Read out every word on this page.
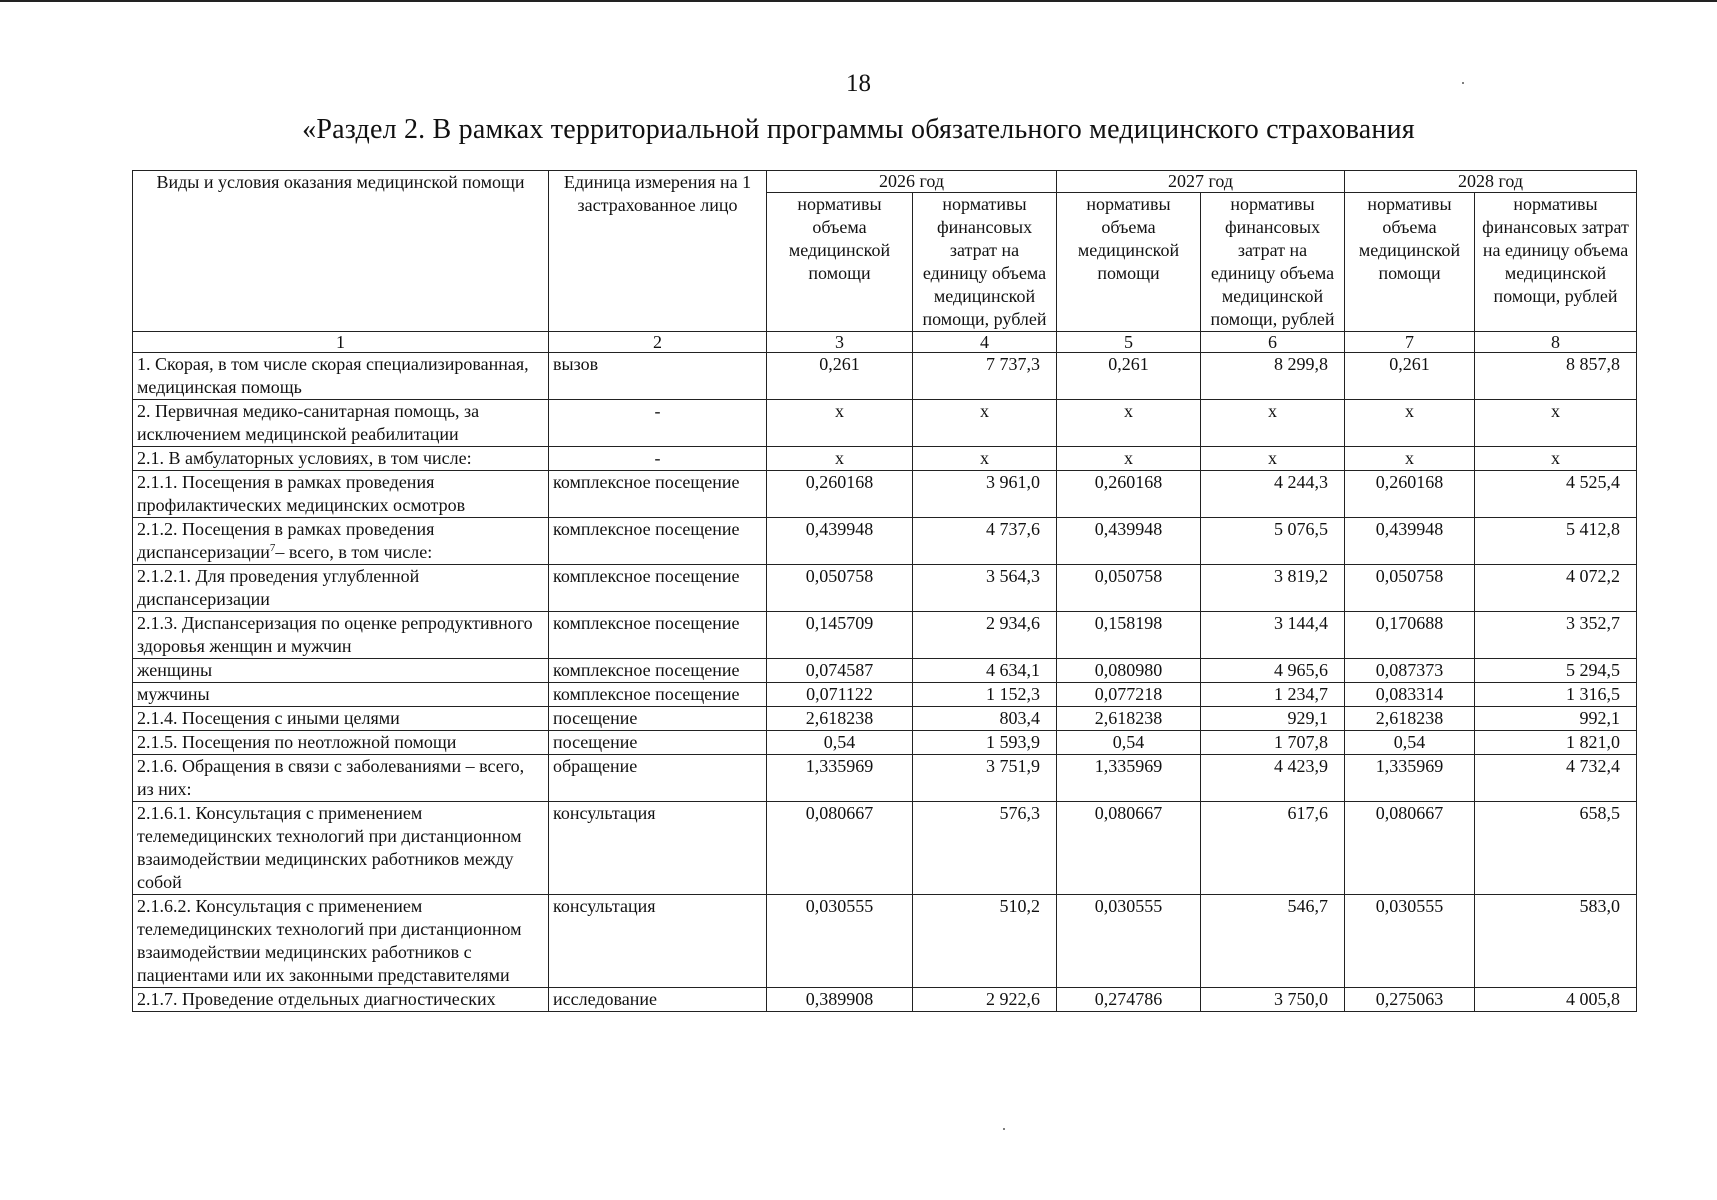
18
«Раздел 2. В рамках территориальной программы обязательного медицинского страхования
Виды и условия оказания медицинской помощи	Единица измерения на 1 застрахованное лицо	2026 год		2027 год		2028 год	
		нормативы объема медицинской помощи	нормативы финансовых затрат на единицу объема медицинской помощи, рублей	нормативы объема медицинской помощи	нормативы финансовых затрат на единицу объема медицинской помощи, рублей	нормативы объема медицинской помощи	нормативы финансовых затрат на единицу объема медицинской помощи, рублей
1	2	3	4	5	6	7	8
1. Скорая, в том числе скорая специализированная, медицинская помощь	вызов	0,261	7 737,3	0,261	8 299,8	0,261	8 857,8
2. Первичная медико-санитарная помощь, за исключением медицинской реабилитации	-	х	х	х	х	х	х
2.1. В амбулаторных условиях, в том числе:	-	х	х	х	х	х	х
2.1.1. Посещения в рамках проведения профилактических медицинских осмотров	комплексное посещение	0,260168	3 961,0	0,260168	4 244,3	0,260168	4 525,4
2.1.2. Посещения в рамках проведения диспансеризации$^7$– всего, в том числе:	комплексное посещение	0,439948	4 737,6	0,439948	5 076,5	0,439948	5 412,8
2.1.2.1. Для проведения углубленной диспансеризации	комплексное посещение	0,050758	3 564,3	0,050758	3 819,2	0,050758	4 072,2
2.1.3. Диспансеризация по оценке репродуктивного здоровья женщин и мужчин	комплексное посещение	0,145709	2 934,6	0,158198	3 144,4	0,170688	3 352,7
женщины	комплексное посещение	0,074587	4 634,1	0,080980	4 965,6	0,087373	5 294,5
мужчины	комплексное посещение	0,071122	1 152,3	0,077218	1 234,7	0,083314	1 316,5
2.1.4. Посещения с иными целями	посещение	2,618238	803,4	2,618238	929,1	2,618238	992,1
2.1.5. Посещения по неотложной помощи	посещение	0,54	1 593,9	0,54	1 707,8	0,54	1 821,0
2.1.6. Обращения в связи с заболеваниями – всего, из них:	обращение	1,335969	3 751,9	1,335969	4 423,9	1,335969	4 732,4
2.1.6.1. Консультация с применением телемедицинских технологий при дистанционном взаимодействии медицинских работников между собой	консультация	0,080667	576,3	0,080667	617,6	0,080667	658,5
2.1.6.2. Консультация с применением телемедицинских технологий при дистанционном взаимодействии медицинских работников с пациентами или их законными представителями	консультация	0,030555	510,2	0,030555	546,7	0,030555	583,0
2.1.7. Проведение отдельных диагностических	исследование	0,389908	2 922,6	0,274786	3 750,0	0,275063	4 005,8
